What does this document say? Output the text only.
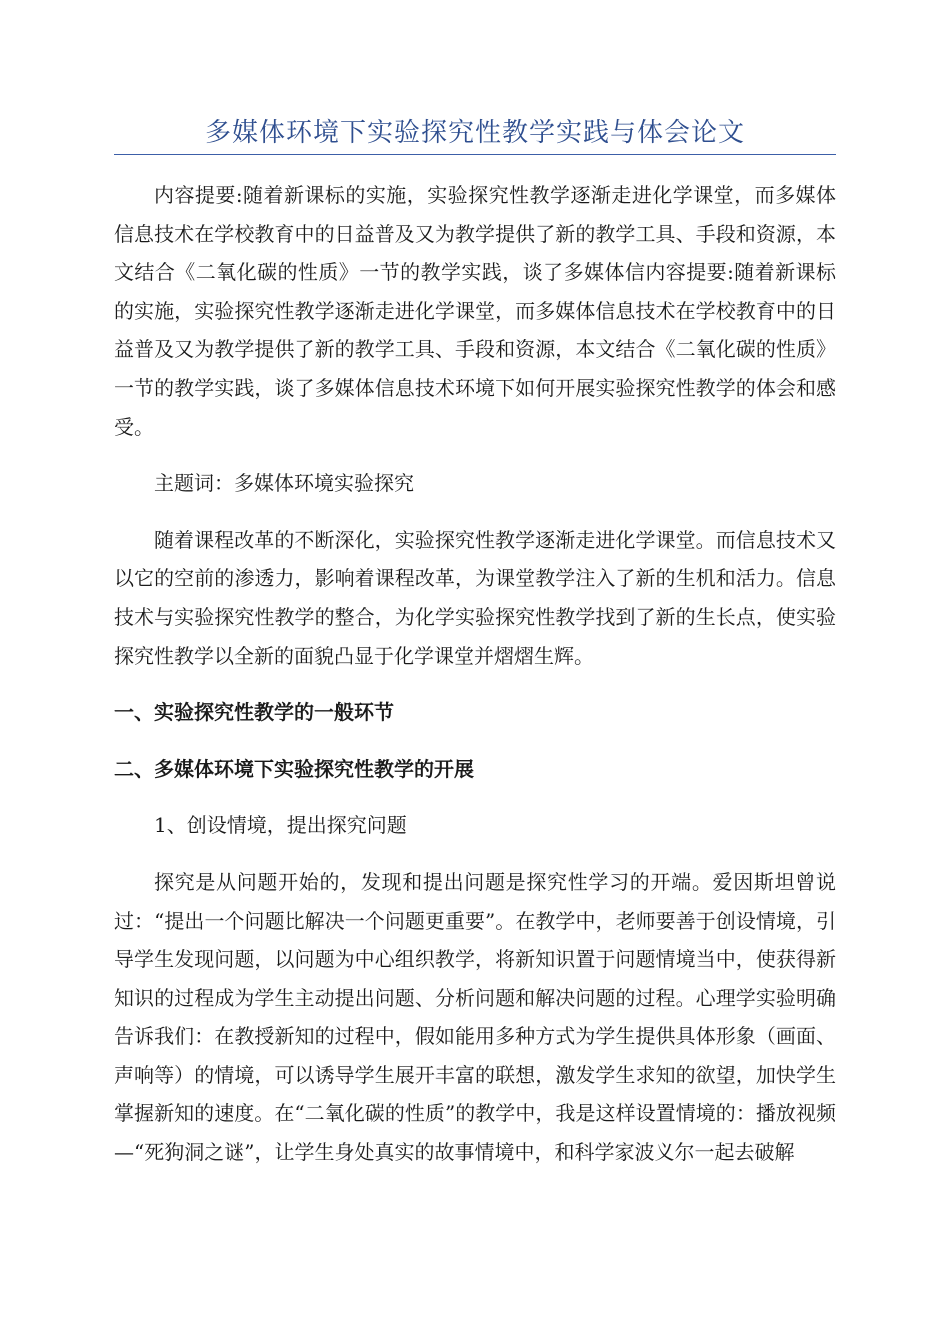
多媒体环境下实验探究性教学实践与体会论文

内容提要:随着新课标的实施，实验探究性教学逐渐走进化学课堂，而多媒体信息技术在学校教育中的日益普及又为教学提供了新的教学工具、手段和资源，本文结合《二氧化碳的性质》一节的教学实践，谈了多媒体信内容提要:随着新课标的实施，实验探究性教学逐渐走进化学课堂，而多媒体信息技术在学校教育中的日益普及又为教学提供了新的教学工具、手段和资源，本文结合《二氧化碳的性质》一节的教学实践，谈了多媒体信息技术环境下如何开展实验探究性教学的体会和感受。

主题词：多媒体环境实验探究

随着课程改革的不断深化，实验探究性教学逐渐走进化学课堂。而信息技术又以它的空前的渗透力，影响着课程改革，为课堂教学注入了新的生机和活力。信息技术与实验探究性教学的整合，为化学实验探究性教学找到了新的生长点，使实验探究性教学以全新的面貌凸显于化学课堂并熠熠生辉。

一、实验探究性教学的一般环节

二、多媒体环境下实验探究性教学的开展

1、创设情境，提出探究问题

探究是从问题开始的，发现和提出问题是探究性学习的开端。爱因斯坦曾说过：“提出一个问题比解决一个问题更重要”。在教学中，老师要善于创设情境，引导学生发现问题，以问题为中心组织教学，将新知识置于问题情境当中，使获得新知识的过程成为学生主动提出问题、分析问题和解决问题的过程。心理学实验明确告诉我们：在教授新知的过程中，假如能用多种方式为学生提供具体形象（画面、声响等）的情境，可以诱导学生展开丰富的联想，激发学生求知的欲望，加快学生掌握新知的速度。在“二氧化碳的性质”的教学中，我是这样设置情境的：播放视频—“死狗洞之谜”，让学生身处真实的故事情境中，和科学家波义尔一起去破解
